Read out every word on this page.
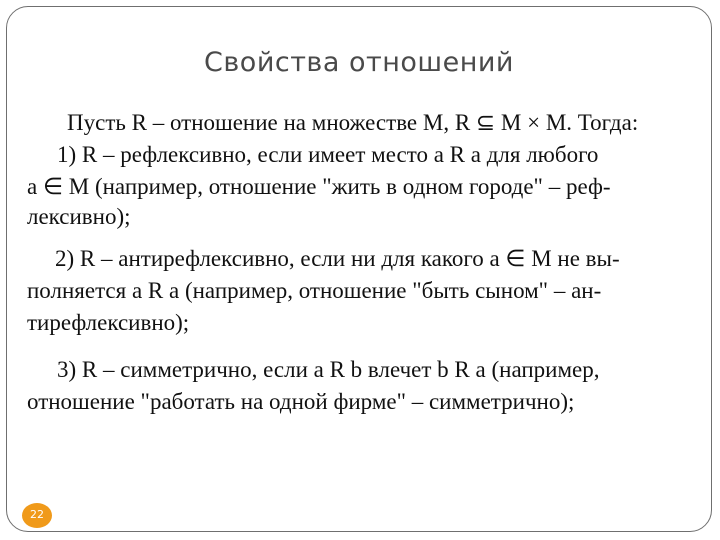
Свойства отношений
Пусть R – отношение на множестве M, R ⊆ M × M. Тогда:
1) R – рефлексивно, если имеет место a R a для любого
a ∈ M (например, отношение "жить в одном городе" – реф-
лексивно);
2) R – антирефлексивно, если ни для какого a ∈ M не вы-
полняется a R a (например, отношение "быть сыном" – ан-
тирефлексивно);
3) R – симметрично, если a R b влечет b R a (например,
отношение "работать на одной фирме" – симметрично);
22
